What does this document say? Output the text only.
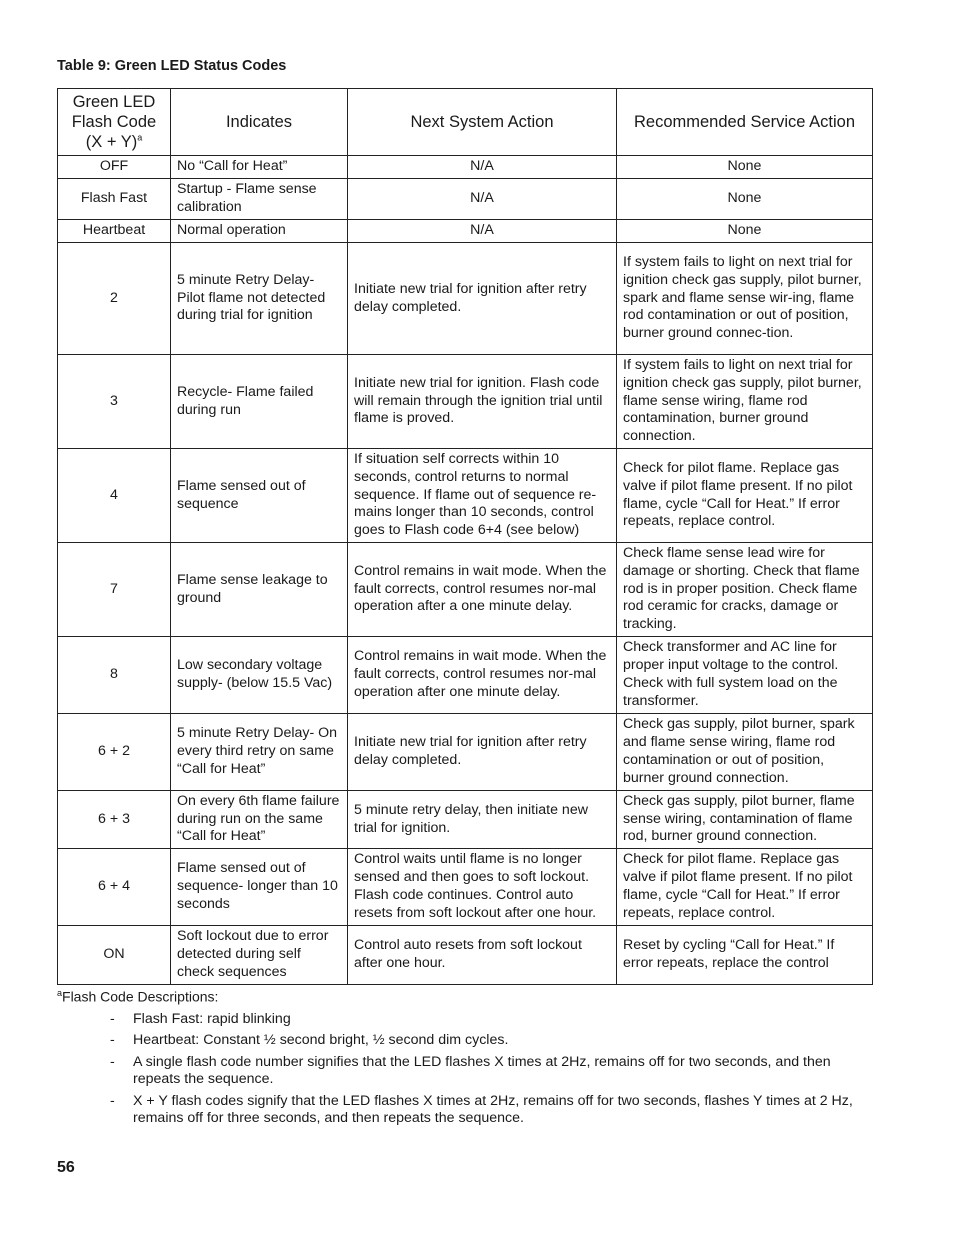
Table 9: Green LED Status Codes
Green LED Flash Code (X + Y)$^a$	Indicates	Next System Action	Recommended Service Action
OFF	No “Call for Heat”	N/A	None
Flash Fast	Startup - Flame sense calibration	N/A	None
Heartbeat	Normal operation	N/A	None
2	5 minute Retry Delay- Pilot flame not detected during trial for ignition	Initiate new trial for ignition after retry delay completed.	If system fails to light on next trial for ignition check gas supply, pilot burner, spark and flame sense wir-ing, flame rod contamination or out of position, burner ground connec-tion.
3	Recycle- Flame failed during run	Initiate new trial for ignition. Flash code will remain through the ignition trial until flame is proved.	If system fails to light on next trial for ignition check gas supply, pilot burner, flame sense wiring, flame rod contamination, burner ground connection.
4	Flame sensed out of sequence	If situation self corrects within 10 seconds, control returns to normal sequence. If flame out of sequence re-mains longer than 10 seconds, control goes to Flash code 6+4 (see below)	Check for pilot flame. Replace gas valve if pilot flame present. If no pilot flame, cycle “Call for Heat.” If error repeats, replace control.
7	Flame sense leakage to ground	Control remains in wait mode. When the fault corrects, control resumes nor-mal operation after a one minute delay.	Check flame sense lead wire for damage or shorting. Check that flame rod is in proper position. Check flame rod ceramic for cracks, damage or tracking.
8	Low secondary voltage supply- (below 15.5 Vac)	Control remains in wait mode. When the fault corrects, control resumes nor-mal operation after one minute delay.	Check transformer and AC line for proper input voltage to the control. Check with full system load on the transformer.
6 + 2	5 minute Retry Delay- On every third retry on same “Call for Heat”	Initiate new trial for ignition after retry delay completed.	Check gas supply, pilot burner, spark and flame sense wiring, flame rod contamination or out of position, burner ground connection.
6 + 3	On every 6th flame failure during run on the same “Call for Heat”	5 minute retry delay, then initiate new trial for ignition.	Check gas supply, pilot burner, flame sense wiring, contamination of flame rod, burner ground connection.
6 + 4	Flame sensed out of sequence- longer than 10 seconds	Control waits until flame is no longer sensed and then goes to soft lockout. Flash code continues. Control auto resets from soft lockout after one hour.	Check for pilot flame. Replace gas valve if pilot flame present. If no pilot flame, cycle “Call for Heat.” If error repeats, replace control.
ON	Soft lockout due to error detected during self check sequences	Control auto resets from soft lockout after one hour.	Reset by cycling “Call for Heat.” If error repeats, replace the control

$^a$Flash Code Descriptions:

- Flash Fast: rapid blinking
- Heartbeat: Constant ½ second bright, ½ second dim cycles.
- A single flash code number signifies that the LED flashes X times at 2Hz, remains off for two seconds, and then repeats the sequence.
- X + Y flash codes signify that the LED flashes X times at 2Hz, remains off for two seconds, flashes Y times at 2 Hz, remains off for three seconds, and then repeats the sequence.

56
